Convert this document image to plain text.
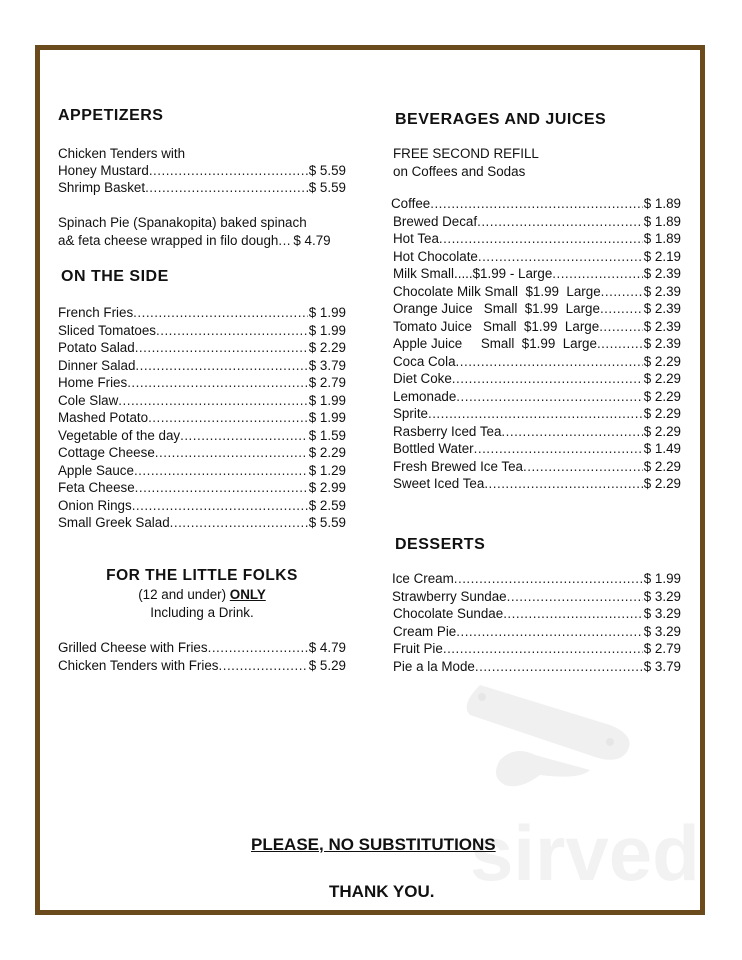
sirved
APPETIZERS
Chicken Tenders with
Honey Mustard .....	$ 5.59
Shrimp Basket .....	$ 5.59
Spinach Pie (Spanakopita) baked spinach
a& feta cheese wrapped in filo dough ..... $ 4.79
ON THE SIDE
French Fries .....	$ 1.99
Sliced Tomatoes .....	$ 1.99
Potato Salad .....	$ 2.29
Dinner Salad .....	$ 3.79
Home Fries .....	$ 2.79
Cole Slaw .....	$ 1.99
Mashed Potato .....	$ 1.99
Vegetable of the day .....	$ 1.59
Cottage Cheese .....	$ 2.29
Apple Sauce .....	$ 1.29
Feta Cheese .....	$ 2.99
Onion Rings .....	$ 2.59
Small Greek Salad .....	$ 5.59
FOR THE LITTLE FOLKS
(12 and under) ONLY
Including a Drink.
Grilled Cheese with Fries .....	$ 4.79
Chicken Tenders with Fries .....	$ 5.29
BEVERAGES AND JUICES
FREE SECOND REFILL
on Coffees and Sodas
Coffee .....	$ 1.89
Brewed Decaf .....	$ 1.89
Hot Tea .....	$ 1.89
Hot Chocolate .....	$ 2.19
Milk Small.....$1.99 - Large .....	$ 2.39
Chocolate Milk Small  $1.99  Large .....	$ 2.39
Orange Juice   Small  $1.99  Large .....	$ 2.39
Tomato Juice   Small  $1.99  Large .....	$ 2.39
Apple Juice     Small  $1.99  Large .....	$ 2.39
Coca Cola .....	$ 2.29
Diet Coke .....	$ 2.29
Lemonade .....	$ 2.29
Sprite .....	$ 2.29
Rasberry Iced Tea .....	$ 2.29
Bottled Water .....	$ 1.49
Fresh Brewed Ice Tea .....	$ 2.29
Sweet Iced Tea .....	$ 2.29
DESSERTS
Ice Cream .....	$ 1.99
Strawberry Sundae .....	$ 3.29
Chocolate Sundae .....	$ 3.29
Cream Pie .....	$ 3.29
Fruit Pie .....	$ 2.79
Pie a la Mode .....	$ 3.79
PLEASE, NO SUBSTITUTIONS
THANK YOU.
